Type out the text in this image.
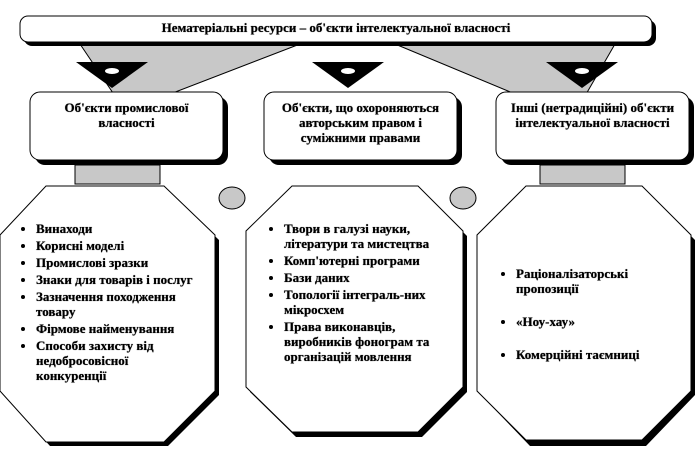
Нематеріальні ресурси – об'єкти інтелектуальної власності
Об'єкти промислової власності
Об'єкти, що охороняються авторським правом і суміжними правами
Інші (нетрадиційні) об'єкти інтелектуальної власності
• Винаходи
• Корисні моделі
• Промислові зразки
• Знаки для товарів і послуг
• Зазначення походження товару
• Фірмове найменування
• Способи захисту від недобросовісної конкуренції
• Твори в галузі науки, літератури та мистецтва
• Комп'ютерні програми
• Бази даних
• Топології інтеграль-них мікросхем
• Права виконавців, виробників фонограм та організацій мовлення
• Раціоналізаторські пропозиції
• «Ноу-хау»
• Комерційні таємниці
